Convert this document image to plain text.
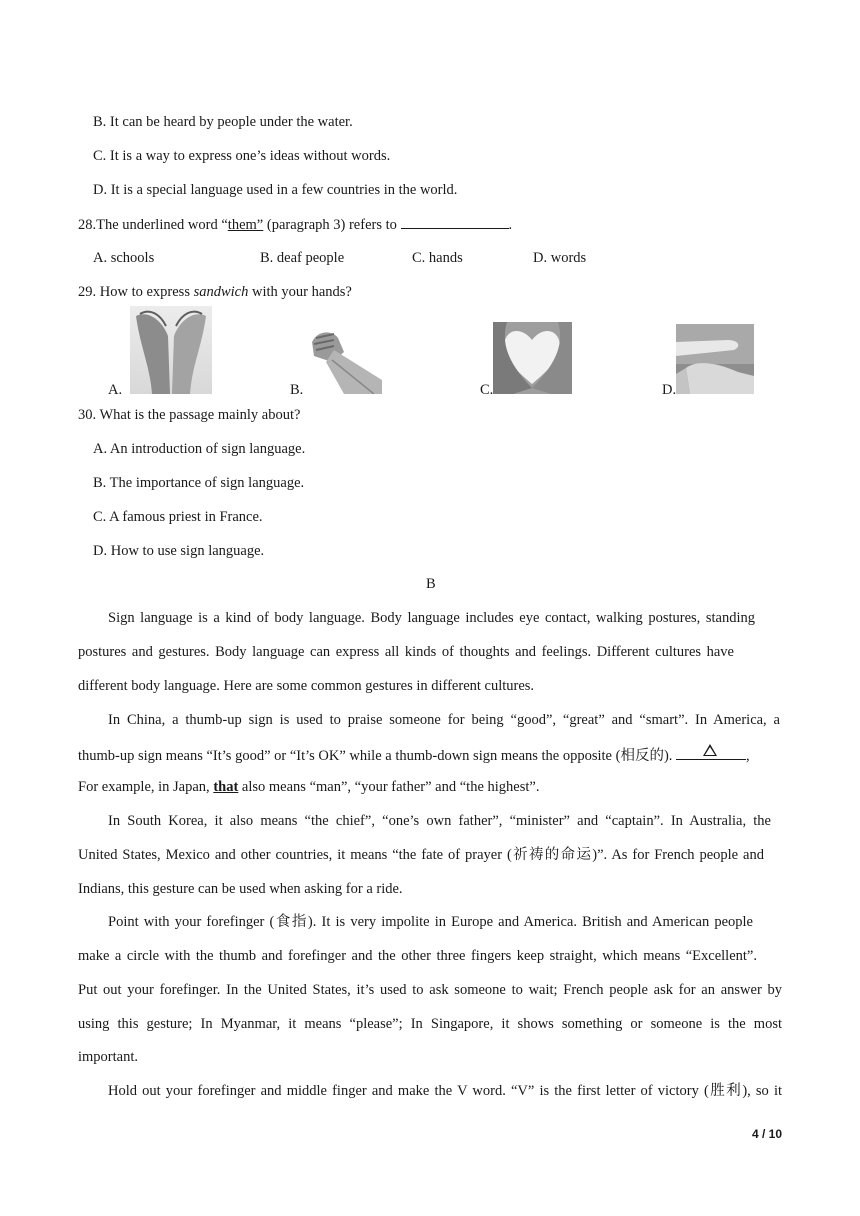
B. It can be heard by people under the water.
C. It is a way to express one’s ideas without words.
D. It is a special language used in a few countries in the world.
28.The underlined word “them” (paragraph 3) refers to	.
A. schools	B. deaf people	C. hands	D. words
29. How to express sandwich with your hands?
A.	B.	C.	D.
30. What is the passage mainly about?
A. An introduction of sign language.
B. The importance of sign language.
C. A famous priest in France.
D. How to use sign language.
B
Sign language is a kind of body language. Body language includes eye contact, walking postures, standing
postures and gestures. Body language can express all kinds of thoughts and feelings. Different cultures have
different body language. Here are some common gestures in different cultures.
In China, a thumb-up sign is used to praise someone for being “good”, “great” and “smart”. In America, a
thumb-up sign means “It’s good” or “It’s OK” while a thumb-down sign means the opposite (相反的).	,
For example, in Japan, that also means “man”, “your father” and “the highest”.
In South Korea, it also means “the chief”, “one’s own father”, “minister” and “captain”. In Australia, the
United States, Mexico and other countries, it means “the fate of prayer (祈祷的命运)”. As for French people and
Indians, this gesture can be used when asking for a ride.
Point with your forefinger (食指). It is very impolite in Europe and America. British and American people
make a circle with the thumb and forefinger and the other three fingers keep straight, which means “Excellent”.
Put out your forefinger. In the United States, it’s used to ask someone to wait; French people ask for an answer by
using this gesture; In Myanmar, it means “please”; In Singapore, it shows something or someone is the most
important.
Hold out your forefinger and middle finger and make the V word. “V” is the first letter of victory (胜利), so it
4 / 10
